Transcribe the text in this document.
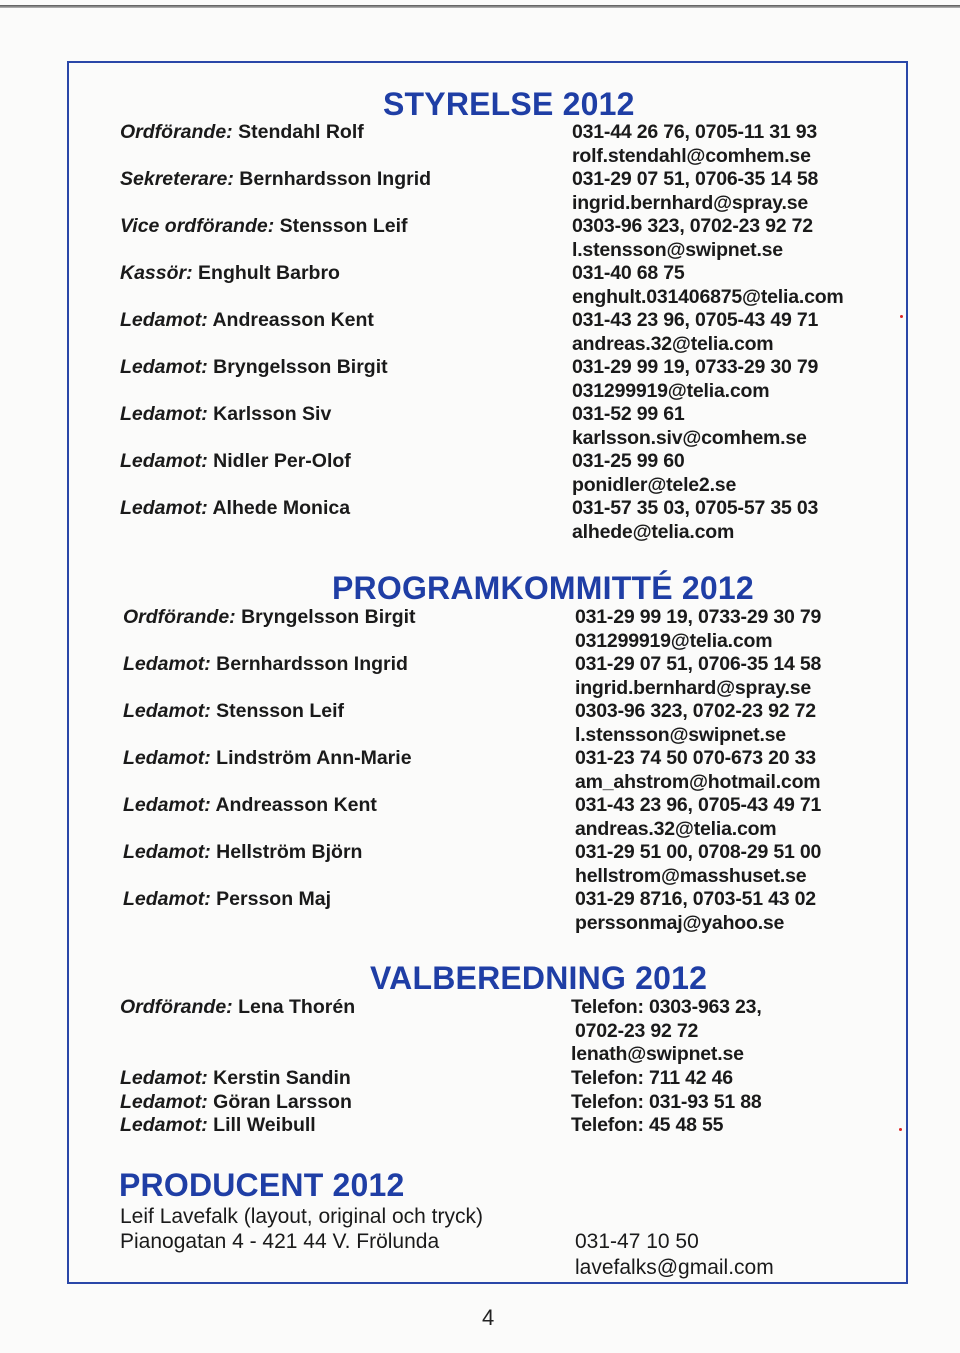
STYRELSE 2012
Ordförande: Stendahl Rolf	031-44 26 76, 0705-11 31 93
rolf.stendahl@comhem.se
Sekreterare: Bernhardsson Ingrid	031-29 07 51, 0706-35 14 58
ingrid.bernhard@spray.se
Vice ordförande: Stensson Leif	0303-96 323, 0702-23 92 72
l.stensson@swipnet.se
Kassör: Enghult Barbro	031-40 68 75
enghult.031406875@telia.com
Ledamot: Andreasson Kent	031-43 23 96, 0705-43 49 71
andreas.32@telia.com
Ledamot: Bryngelsson Birgit	031-29 99 19, 0733-29 30 79
031299919@telia.com
Ledamot: Karlsson Siv	031-52 99 61
karlsson.siv@comhem.se
Ledamot: Nidler Per-Olof	031-25 99 60
ponidler@tele2.se
Ledamot: Alhede Monica	031-57 35 03, 0705-57 35 03
alhede@telia.com
PROGRAMKOMMITTÉ 2012
Ordförande: Bryngelsson Birgit	031-29 99 19, 0733-29 30 79
031299919@telia.com
Ledamot: Bernhardsson Ingrid	031-29 07 51, 0706-35 14 58
ingrid.bernhard@spray.se
Ledamot: Stensson Leif	0303-96 323, 0702-23 92 72
l.stensson@swipnet.se
Ledamot: Lindström Ann-Marie	031-23 74 50 070-673 20 33
am_ahstrom@hotmail.com
Ledamot: Andreasson Kent	031-43 23 96, 0705-43 49 71
andreas.32@telia.com
Ledamot: Hellström Björn	031-29 51 00, 0708-29 51 00
hellstrom@masshuset.se
Ledamot: Persson Maj	031-29 8716, 0703-51 43 02
perssonmaj@yahoo.se
VALBEREDNING 2012
Ordförande: Lena Thorén	Telefon: 0303-963 23,
0702-23 92 72
lenath@swipnet.se
Ledamot: Kerstin Sandin	Telefon: 711 42 46
Ledamot: Göran Larsson	Telefon: 031-93 51 88
Ledamot: Lill Weibull	Telefon: 45 48 55
PRODUCENT 2012
Leif Lavefalk (layout, original och tryck)
Pianogatan 4 - 421 44 V. Frölunda	031-47 10 50
lavefalks@gmail.com
4
